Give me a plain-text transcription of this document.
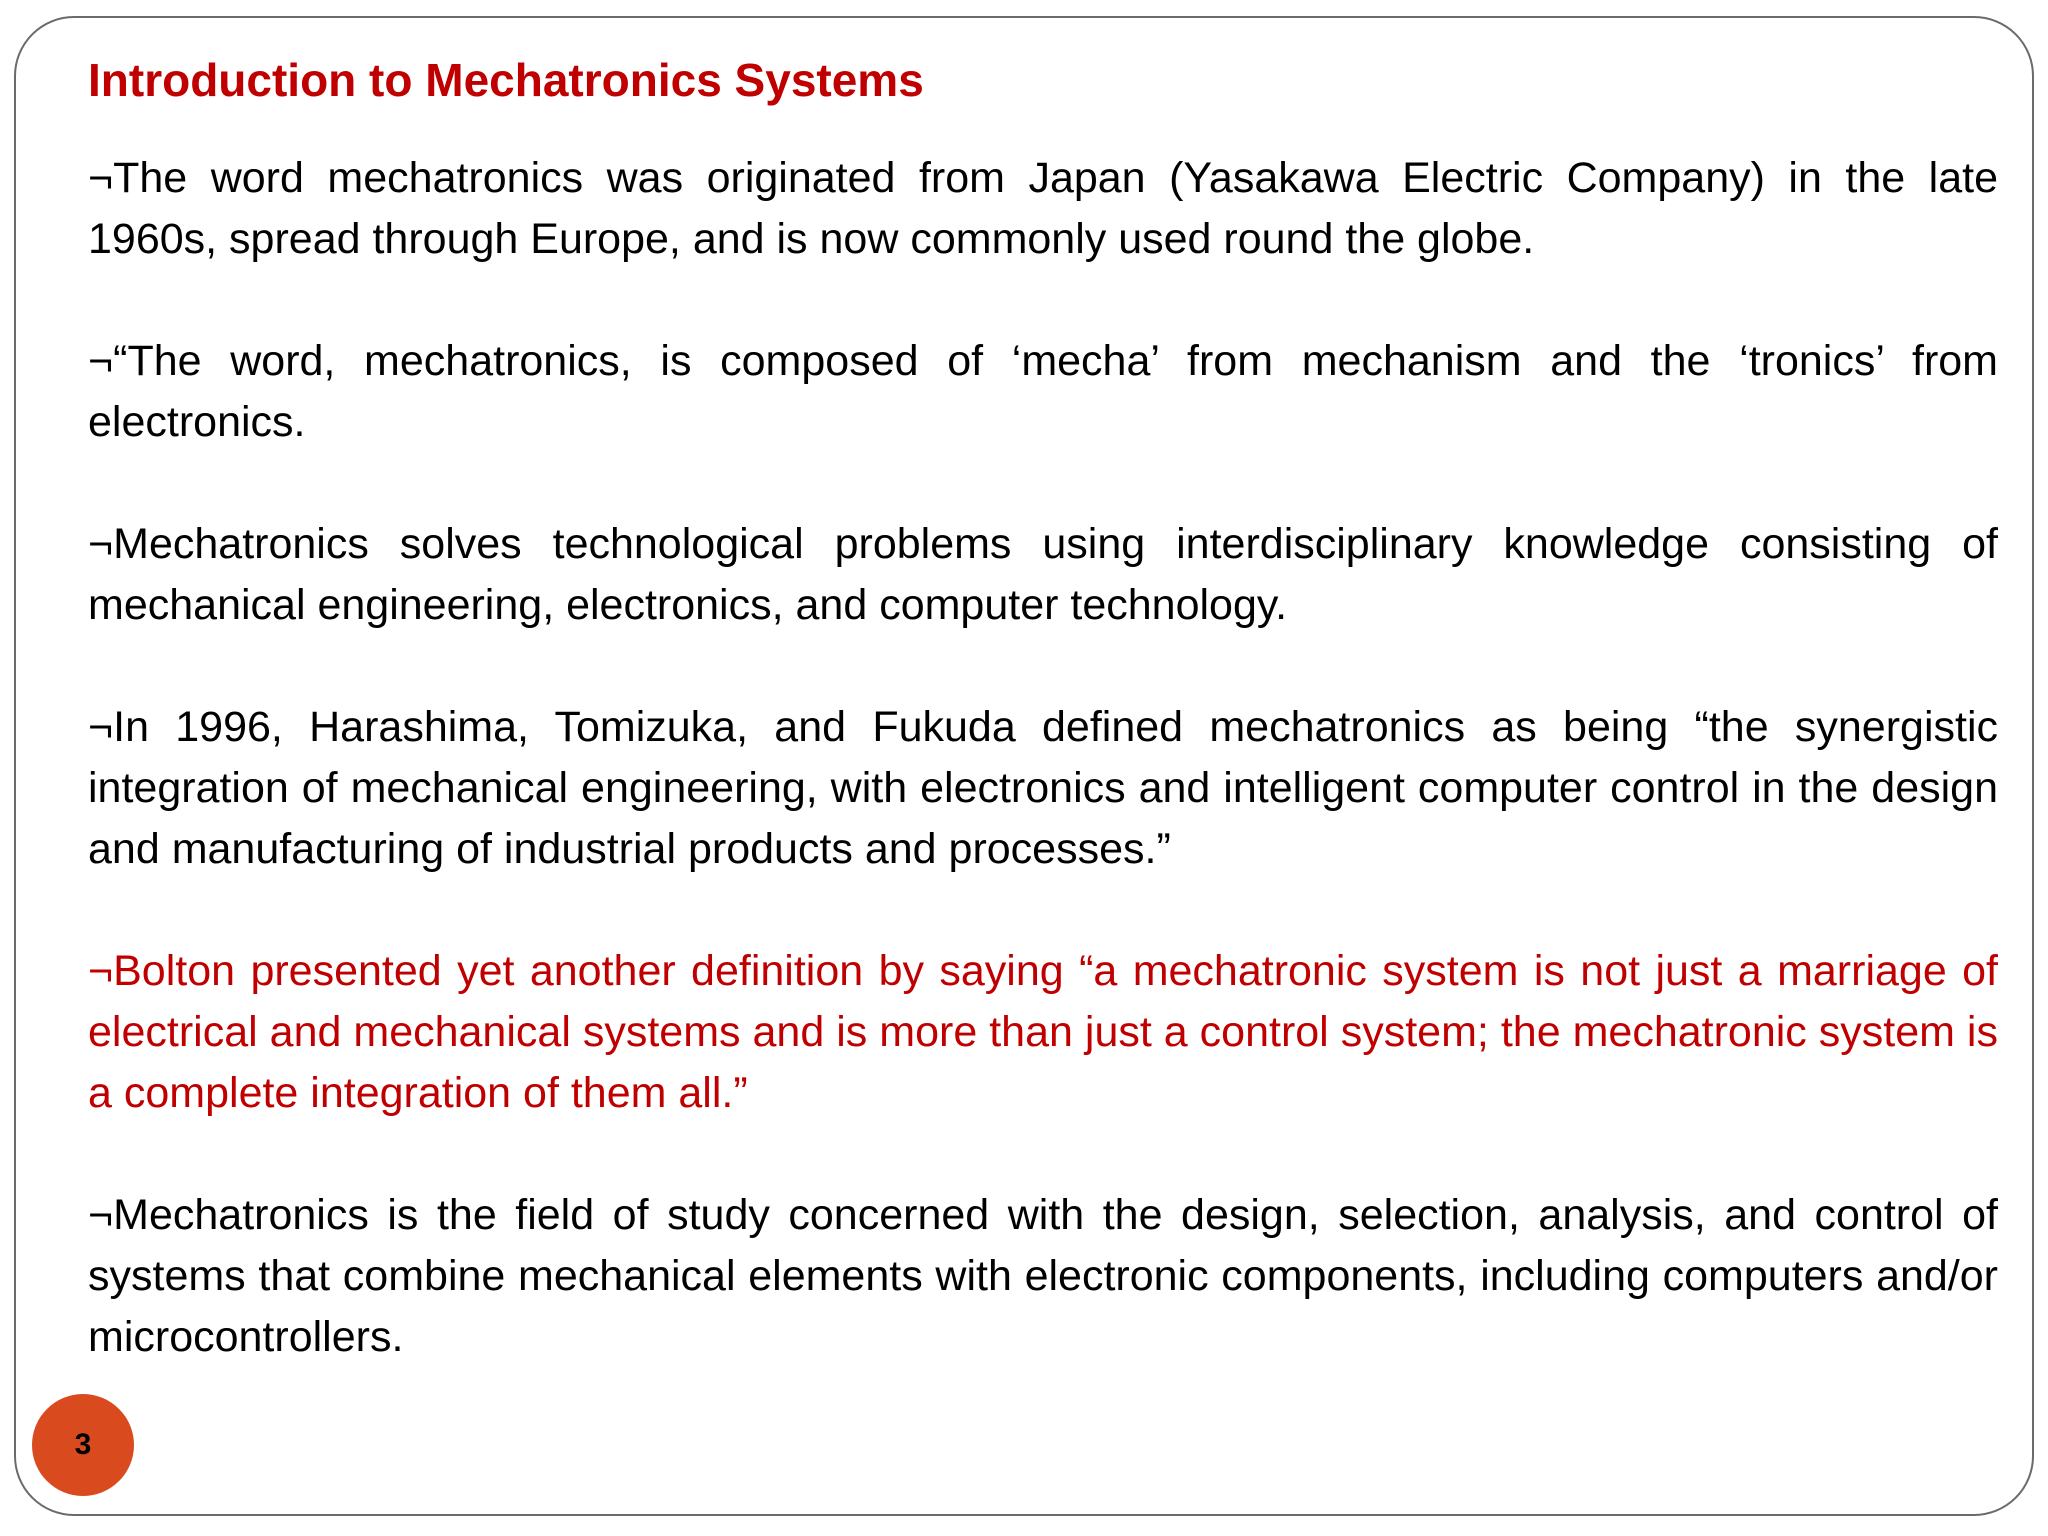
Introduction to Mechatronics Systems

¬The word mechatronics was originated from Japan (Yasakawa Electric Company) in the late 1960s, spread through Europe, and is now commonly used round the globe.

¬“The word, mechatronics, is composed of ‘mecha’ from mechanism and the ‘tronics’ from electronics.

¬Mechatronics solves technological problems using interdisciplinary knowledge consisting of mechanical engineering, electronics, and computer technology.

¬In 1996, Harashima, Tomizuka, and Fukuda defined mechatronics as being “the synergistic integration of mechanical engineering, with electronics and intelligent computer control in the design and manufacturing of industrial products and processes.”

¬Bolton presented yet another definition by saying “a mechatronic system is not just a marriage of electrical and mechanical systems and is more than just a control system; the mechatronic system is a complete integration of them all.”

¬Mechatronics is the field of study concerned with the design, selection, analysis, and control of systems that combine mechanical elements with electronic components, including computers and/or microcontrollers.

3
